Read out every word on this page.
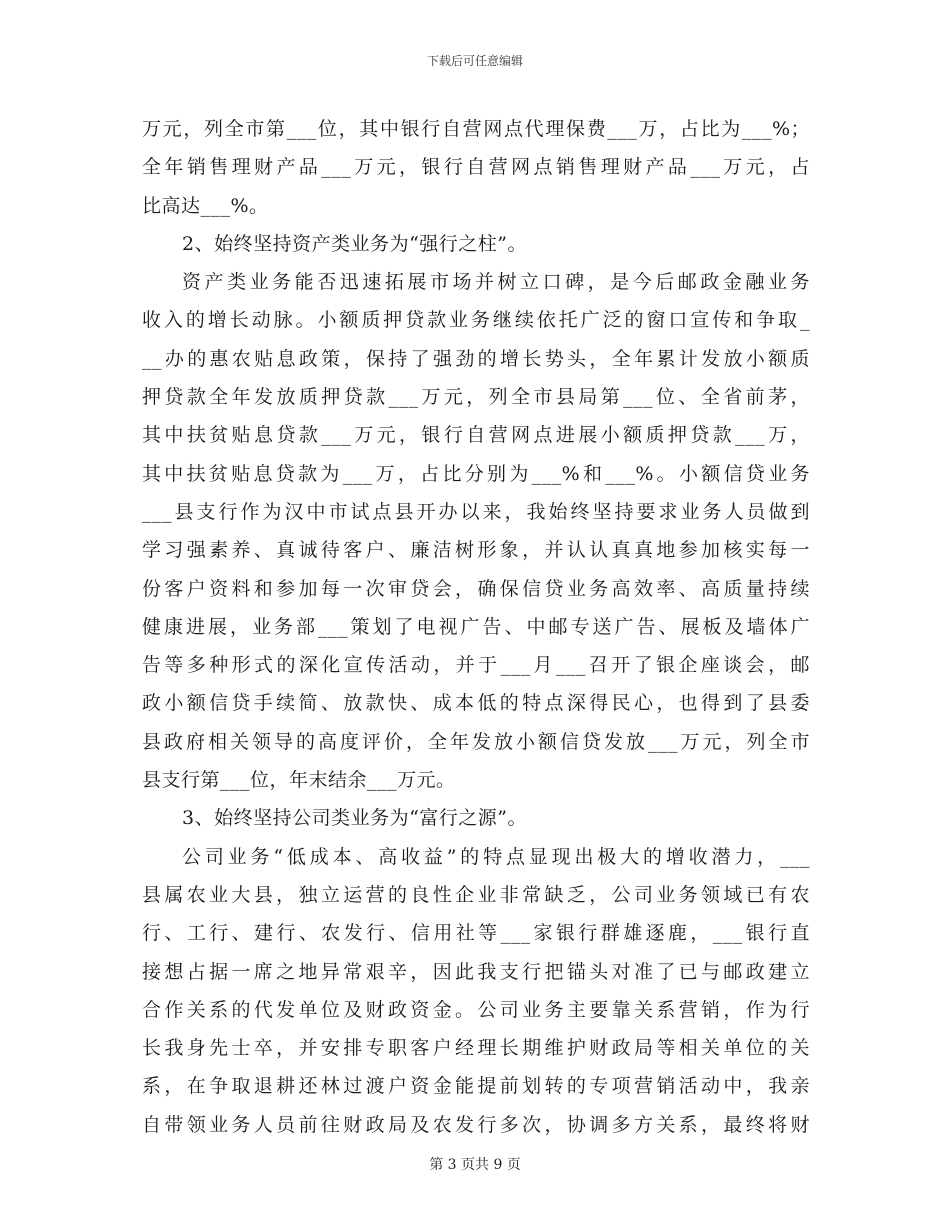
下载后可任意编辑
万元，列全市第___位，其中银行自营网点代理保费___万，占比为___%；
全年销售理财产品___万元，银行自营网点销售理财产品___万元，占
比高达___%。
2、始终坚持资产类业务为“强行之柱”。
资产类业务能否迅速拓展市场并树立口碑，是今后邮政金融业务
收入的增长动脉。小额质押贷款业务继续依托广泛的窗口宣传和争取_
__办的惠农贴息政策，保持了强劲的增长势头，全年累计发放小额质
押贷款全年发放质押贷款___万元，列全市县局第___位、全省前茅，
其中扶贫贴息贷款___万元，银行自营网点进展小额质押贷款___万，
其中扶贫贴息贷款为___万，占比分别为___%和___%。小额信贷业务
___县支行作为汉中市试点县开办以来，我始终坚持要求业务人员做到
学习强素养、真诚待客户、廉洁树形象，并认认真真地参加核实每一
份客户资料和参加每一次审贷会，确保信贷业务高效率、高质量持续
健康进展，业务部___策划了电视广告、中邮专送广告、展板及墙体广
告等多种形式的深化宣传活动，并于___月___召开了银企座谈会，邮
政小额信贷手续简、放款快、成本低的特点深得民心，也得到了县委
县政府相关领导的高度评价，全年发放小额信贷发放___万元，列全市
县支行第___位，年末结余___万元。
3、始终坚持公司类业务为“富行之源”。
公司业务“低成本、高收益”的特点显现出极大的增收潜力，___
县属农业大县，独立运营的良性企业非常缺乏，公司业务领域已有农
行、工行、建行、农发行、信用社等___家银行群雄逐鹿，___银行直
接想占据一席之地异常艰辛，因此我支行把锚头对准了已与邮政建立
合作关系的代发单位及财政资金。公司业务主要靠关系营销，作为行
长我身先士卒，并安排专职客户经理长期维护财政局等相关单位的关
系，在争取退耕还林过渡户资金能提前划转的专项营销活动中，我亲
自带领业务人员前往财政局及农发行多次，协调多方关系，最终将财
第 3 页共 9 页
